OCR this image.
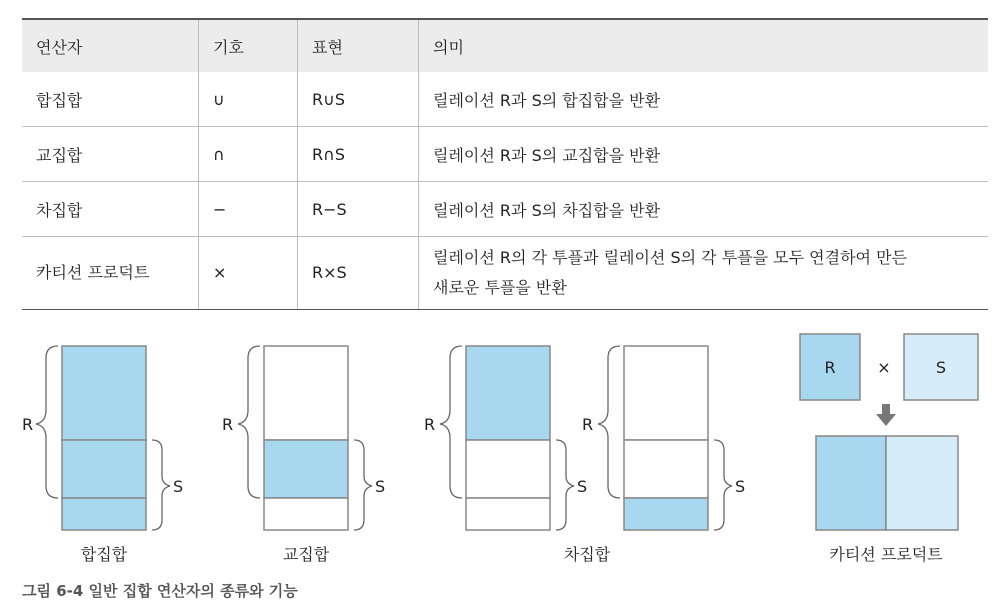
연산자	기호	표현	의미
합집합	∪	R∪S	릴레이션 R과 S의 합집합을 반환
교집합	∩	R∩S	릴레이션 R과 S의 교집합을 반환
차집합	−	R−S	릴레이션 R과 S의 차집합을 반환
카티션 프로덕트	×	R×S	릴레이션 R의 각 투플과 릴레이션 S의 각 투플을 모두 연결하여 만든
새로운 투플을 반환
R
S
합집합
R
S
교집합
R
S
R
S
차집합
R	×	S
카티션 프로덕트
그림 6-4 일반 집합 연산자의 종류와 기능
